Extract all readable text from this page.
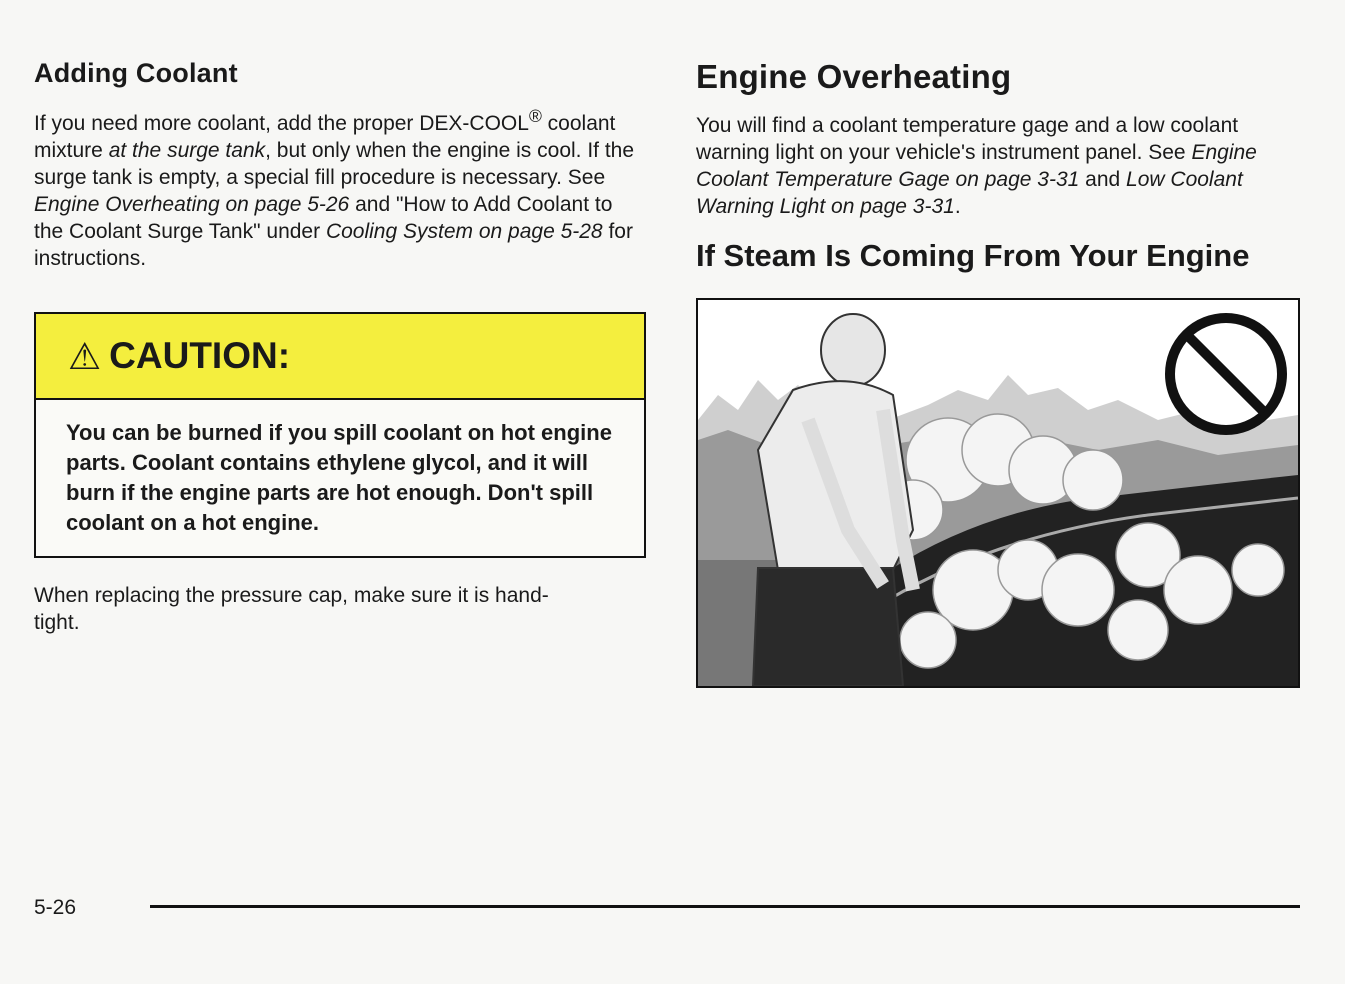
Adding Coolant

If you need more coolant, add the proper DEX-COOL® coolant mixture at the surge tank, but only when the engine is cool. If the surge tank is empty, a special fill procedure is necessary. See Engine Overheating on page 5-26 and "How to Add Coolant to the Coolant Surge Tank" under Cooling System on page 5-28 for instructions.

⚠ CAUTION:
You can be burned if you spill coolant on hot engine parts. Coolant contains ethylene glycol, and it will burn if the engine parts are hot enough. Don't spill coolant on a hot engine.

When replacing the pressure cap, make sure it is hand-tight.

Engine Overheating

You will find a coolant temperature gage and a low coolant warning light on your vehicle's instrument panel. See Engine Coolant Temperature Gage on page 3-31 and Low Coolant Warning Light on page 3-31.

If Steam Is Coming From Your Engine
5-26
